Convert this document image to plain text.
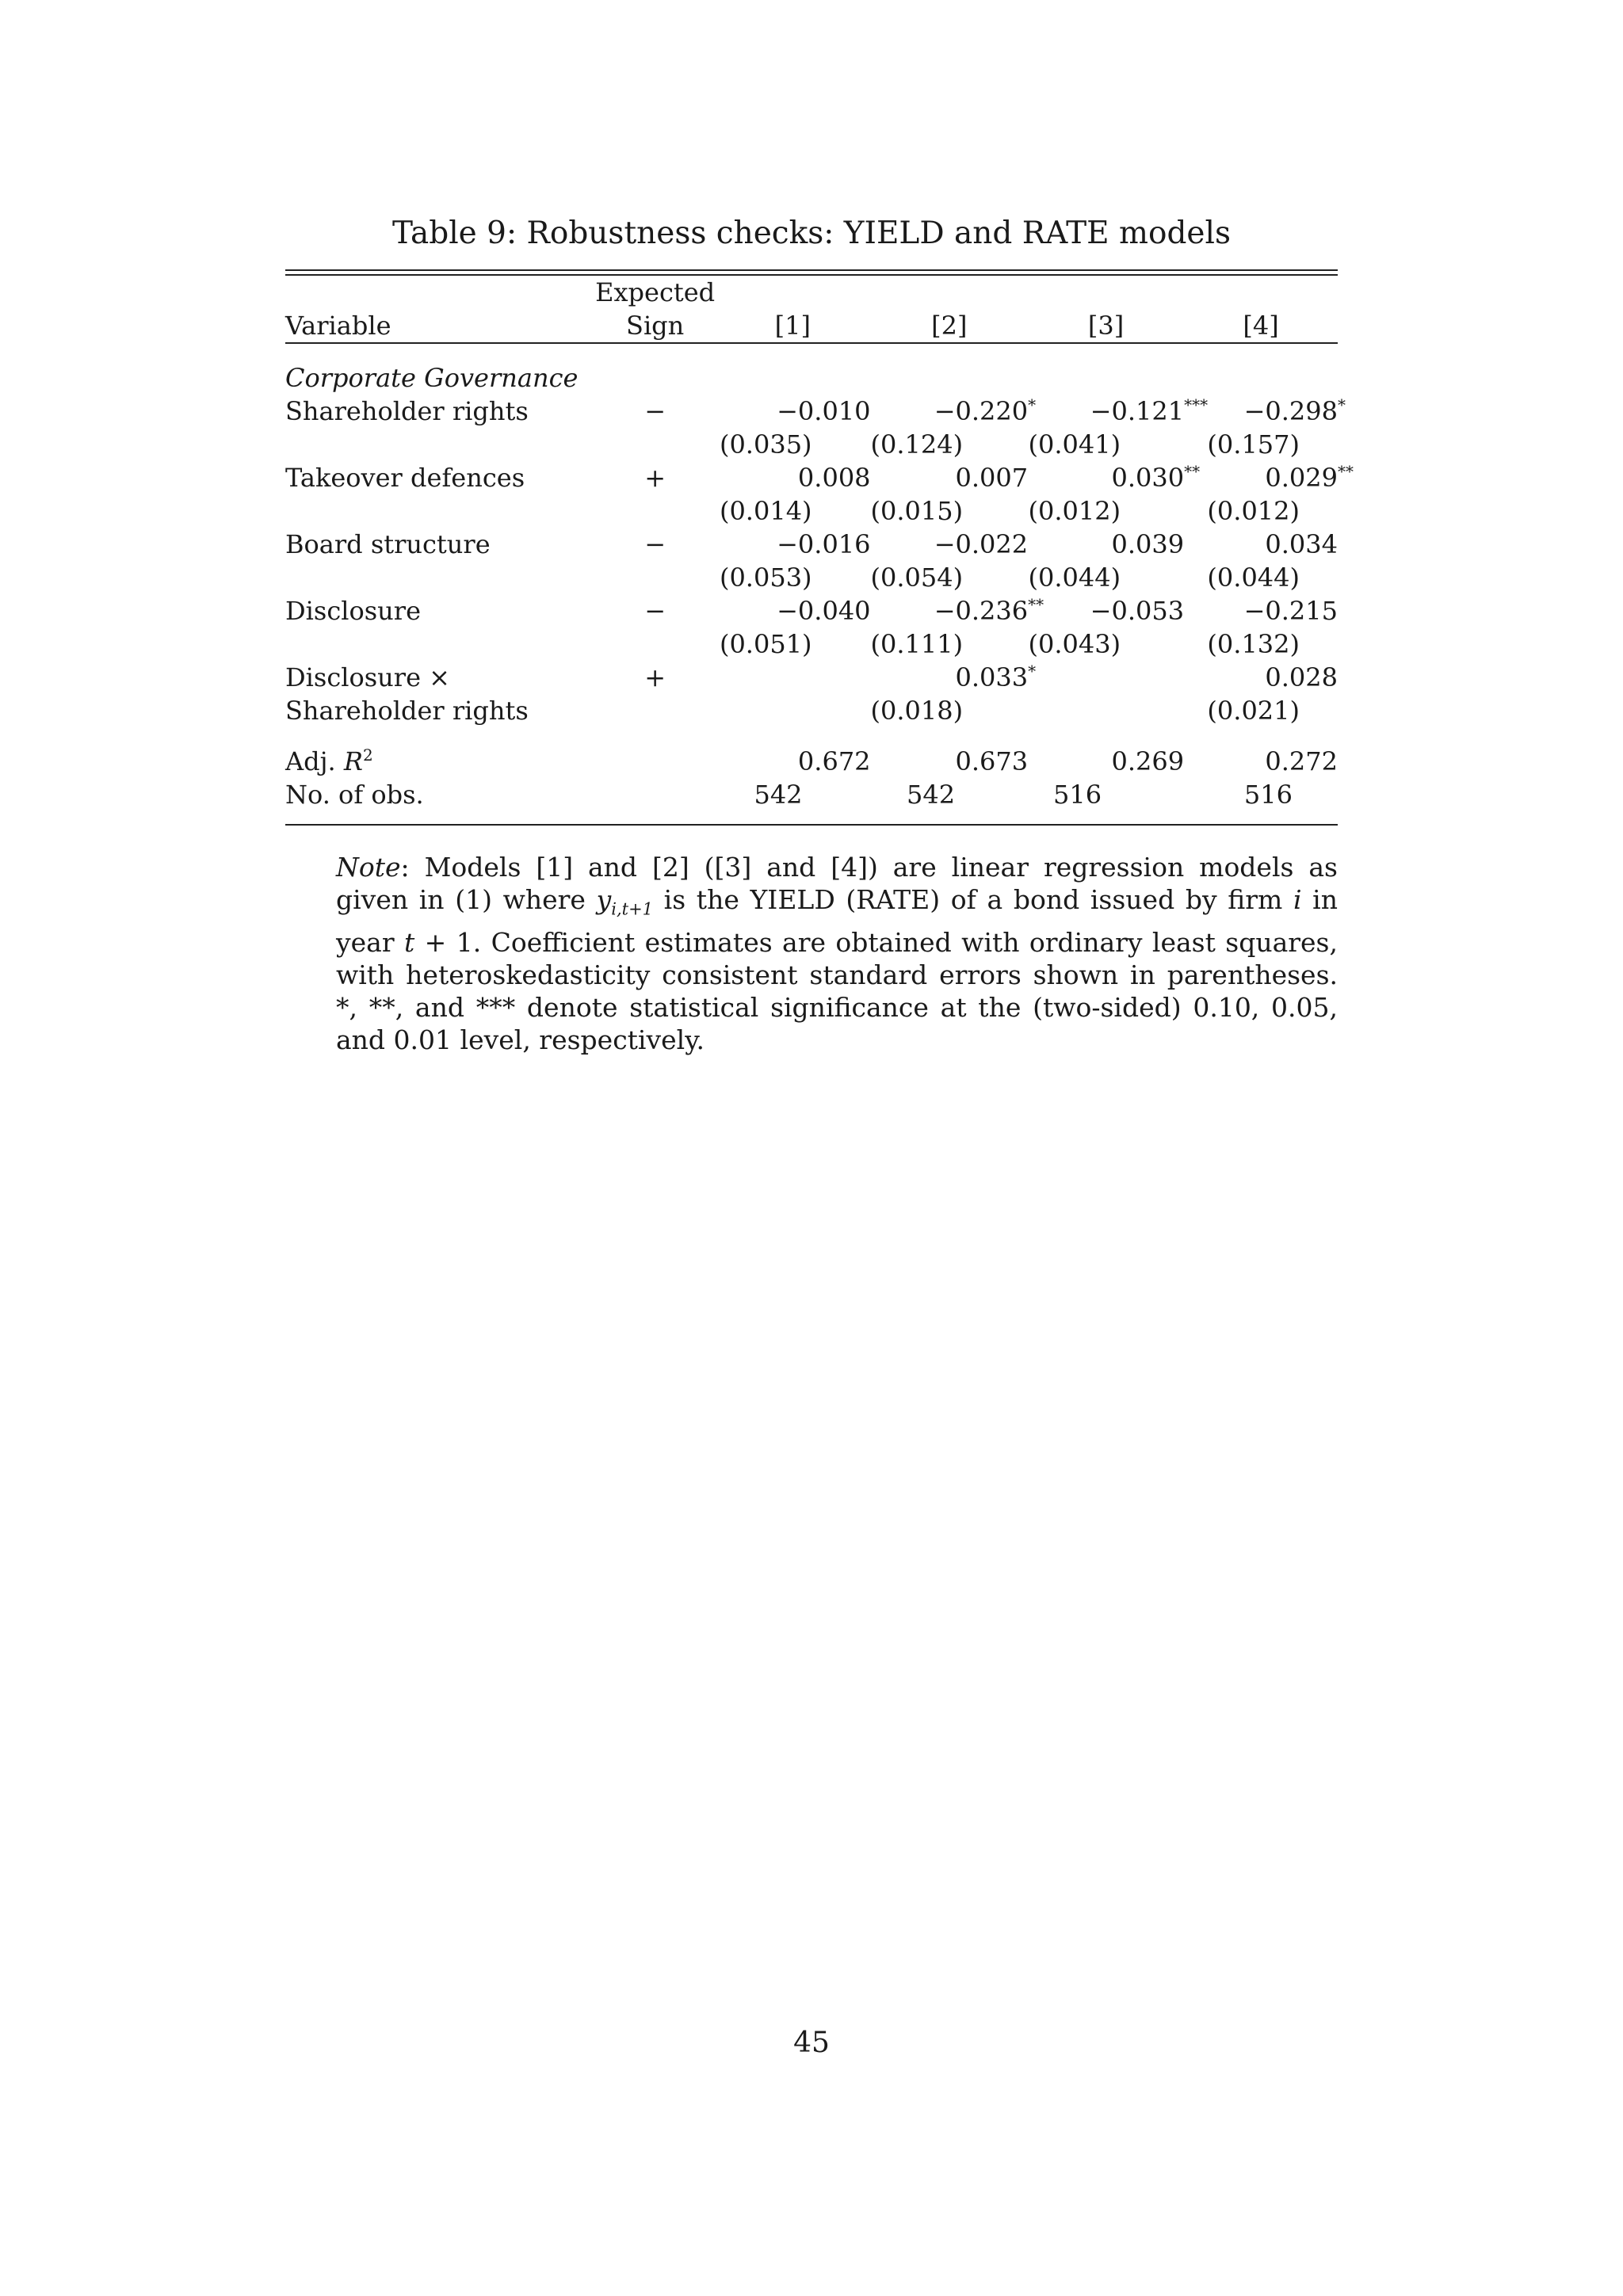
Table 9: Robustness checks: YIELD and RATE models
	Expected				
Variable	Sign	[1]	[2]	[3]	[4]

Corporate Governance					
Shareholder rights	−	−0.010	−0.220*	−0.121***	−0.298*
		(0.035)	(0.124)	(0.041)	(0.157)
Takeover defences	+	0.008	0.007	0.030**	0.029**
		(0.014)	(0.015)	(0.012)	(0.012)
Board structure	−	−0.016	−0.022	0.039	0.034
		(0.053)	(0.054)	(0.044)	(0.044)
Disclosure	−	−0.040	−0.236**	−0.053	−0.215
		(0.051)	(0.111)	(0.043)	(0.132)
Disclosure ×	+		0.033*		0.028
Shareholder rights			(0.018)		(0.021)

Adj. R2		0.672	0.673	0.269	0.272
No. of obs.		542	542	516	516
Note: Models [1] and [2] ([3] and [4]) are linear regression models as given in (1) where $y_{i,t+1}$ is the YIELD (RATE) of a bond issued by firm i in year t + 1. Coefficient estimates are obtained with ordinary least squares, with heteroskedasticity consistent standard errors shown in parentheses. *, **, and *** denote statistical significance at the (two-sided) 0.10, 0.05, and 0.01 level, respectively.
45
